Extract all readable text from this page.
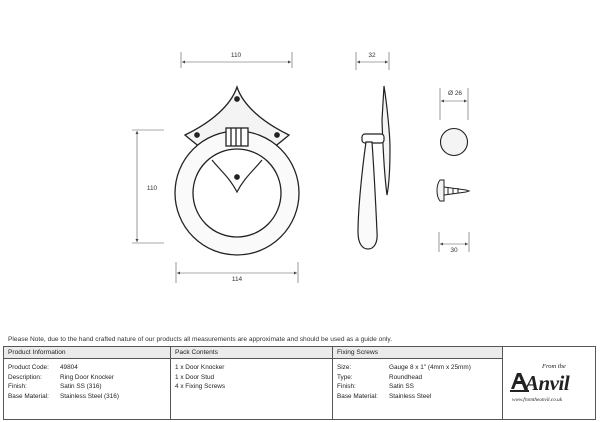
110
110
114
32
Ø 26
30
Please Note, due to the hand crafted nature of our products all measurements are approximate and should be used as a guide only.
Product Information
Product Code:	49804
Description:	Ring Door Knocker
Finish:	Satin SS (316)
Base Material:	Stainless Steel (316)
Pack Contents
1 x Door Knocker
1 x Door Stud
4 x Fixing Screws
Fixing Screws
Size:	Gauge 8 x 1" (4mm x 25mm)
Type:	Roundhead
Finish:	Satin SS
Base Material:	Stainless Steel
From the
Anvil
www.fromtheanvil.co.uk
